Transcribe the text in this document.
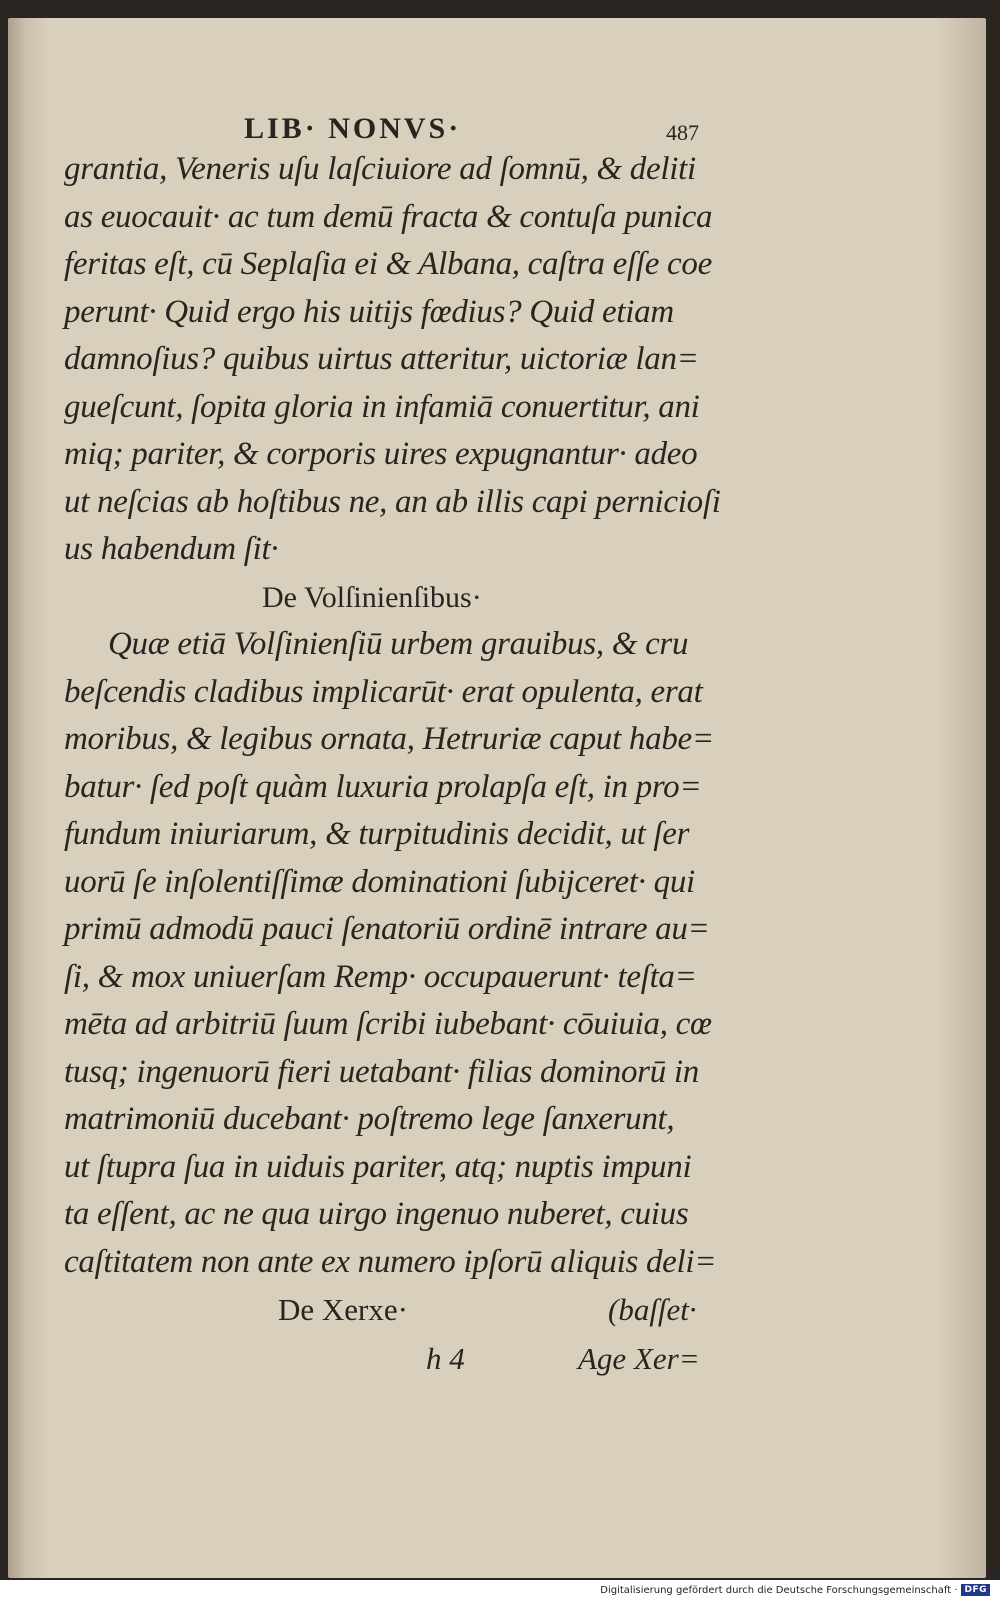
LIB· NONVS·	487
grantia, Veneris uſu laſciuiore ad ſomnū, & deliti
as euocauit· ac tum demū fracta & contuſa punica
feritas eſt, cū Seplaſia ei & Albana, caſtra eſſe coe
perunt· Quid ergo his uitijs fœdius? Quid etiam
damnoſius? quibus uirtus atteritur, uictoriæ lan=
gueſcunt, ſopita gloria in infamiā conuertitur, ani
miq; pariter, & corporis uires expugnantur· adeo
ut neſcias ab hoſtibus ne, an ab illis capi pernicioſi
us habendum ſit·
De Volſinienſibus·
Quæ etiā Volſinienſiū urbem grauibus, & cru
beſcendis cladibus implicarūt· erat opulenta, erat
moribus, & legibus ornata, Hetruriæ caput habe=
batur· ſed poſt quàm luxuria prolapſa eſt, in pro=
fundum iniuriarum, & turpitudinis decidit, ut ſer
uorū ſe inſolentiſſimæ dominationi ſubijceret· qui
primū admodū pauci ſenatoriū ordinē intrare au=
ſi, & mox uniuerſam Remp· occupauerunt· teſta=
mēta ad arbitriū ſuum ſcribi iubebant· cōuiuia, cœ
tusq; ingenuorū fieri uetabant· filias dominorū in
matrimoniū ducebant· poſtremo lege ſanxerunt,
ut ſtupra ſua in uiduis pariter, atq; nuptis impuni
ta eſſent, ac ne qua uirgo ingenuo nuberet, cuius
caſtitatem non ante ex numero ipſorū aliquis deli=
De Xerxe·	(baſſet·
h 4	Age Xer=
Digitalisierung gefördert durch die Deutsche Forschungsgemeinschaft · DFG
